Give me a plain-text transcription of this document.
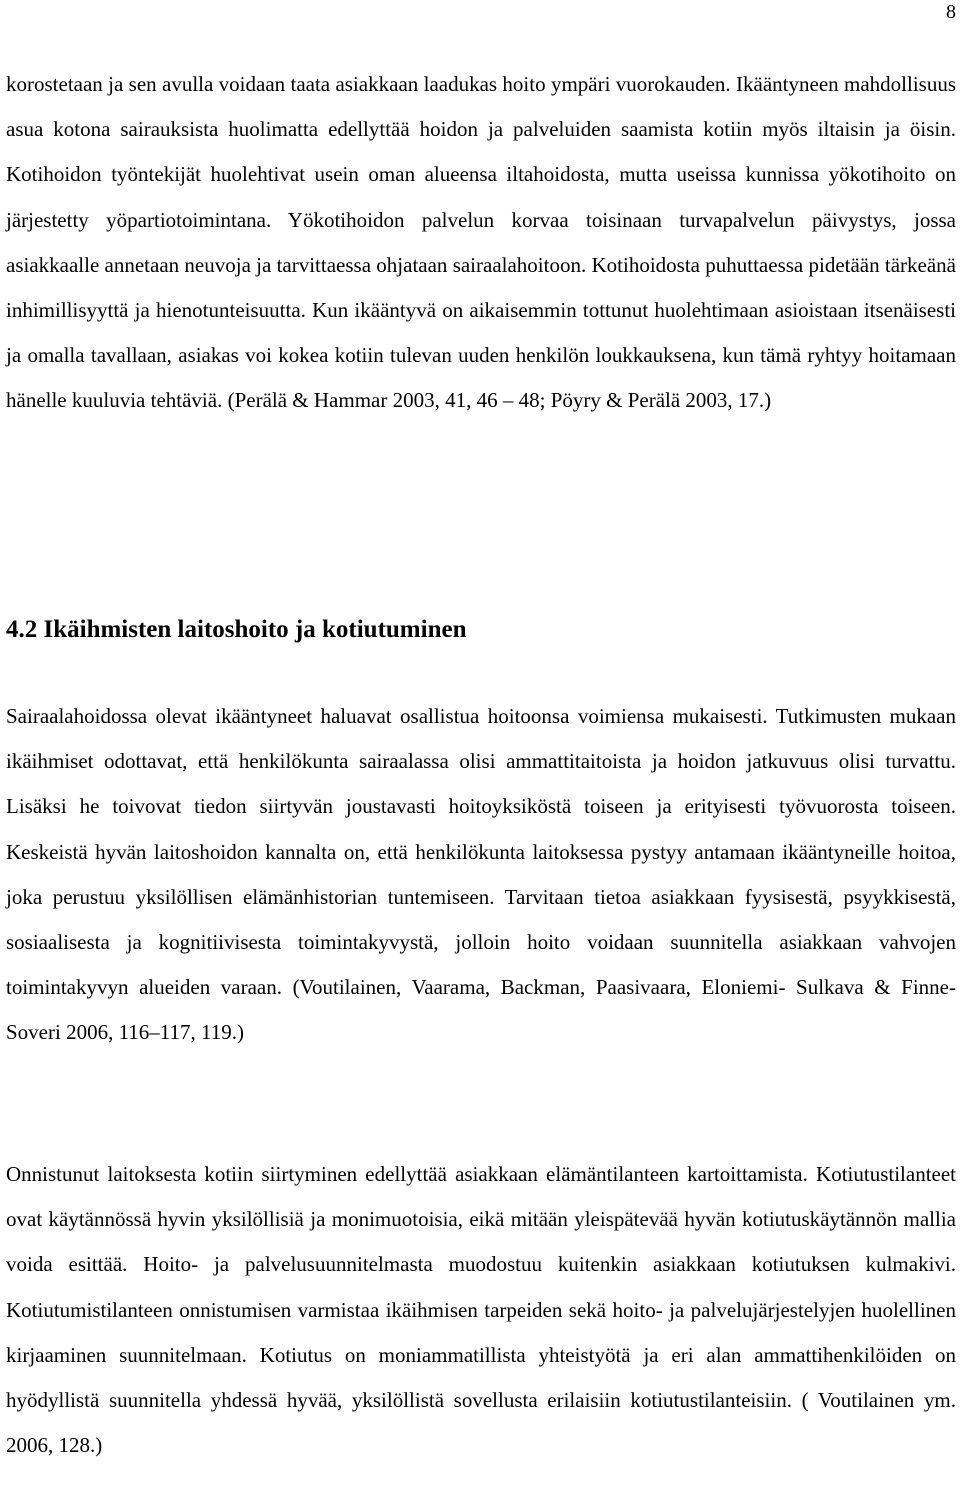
8

korostetaan ja sen avulla voidaan taata asiakkaan laadukas hoito ympäri vuorokauden. Ikääntyneen mahdollisuus asua kotona sairauksista huolimatta edellyttää hoidon ja palveluiden saamista kotiin myös iltaisin ja öisin. Kotihoidon työntekijät huolehtivat usein oman alueensa iltahoidosta, mutta useissa kunnissa yökotihoito on järjestetty yöpartiotoimintana. Yökotihoidon palvelun korvaa toisinaan turvapalvelun päivystys, jossa asiakkaalle annetaan neuvoja ja tarvittaessa ohjataan sairaalahoitoon. Kotihoidosta puhuttaessa pidetään tärkeänä inhimillisyyttä ja hienotunteisuutta. Kun ikääntyvä on aikaisemmin tottunut huolehtimaan asioistaan itsenäisesti ja omalla tavallaan, asiakas voi kokea kotiin tulevan uuden henkilön loukkauksena, kun tämä ryhtyy hoitamaan hänelle kuuluvia tehtäviä. (Perälä & Hammar 2003, 41, 46 – 48; Pöyry & Perälä 2003, 17.)

4.2 Ikäihmisten laitoshoito ja kotiutuminen

Sairaalahoidossa olevat ikääntyneet haluavat osallistua hoitoonsa voimiensa mukaisesti. Tutkimusten mukaan ikäihmiset odottavat, että henkilökunta sairaalassa olisi ammattitaitoista ja hoidon jatkuvuus olisi turvattu. Lisäksi he toivovat tiedon siirtyvän joustavasti hoitoyksiköstä toiseen ja erityisesti työvuorosta toiseen. Keskeistä hyvän laitoshoidon kannalta on, että henkilökunta laitoksessa pystyy antamaan ikääntyneille hoitoa, joka perustuu yksilöllisen elämänhistorian tuntemiseen. Tarvitaan tietoa asiakkaan fyysisestä, psyykkisestä, sosiaalisesta ja kognitiivisesta toimintakyvystä, jolloin hoito voidaan suunnitella asiakkaan vahvojen toimintakyvyn alueiden varaan. (Voutilainen, Vaarama, Backman, Paasivaara, Eloniemi- Sulkava & Finne- Soveri 2006, 116–117, 119.)

Onnistunut laitoksesta kotiin siirtyminen edellyttää asiakkaan elämäntilanteen kartoittamista. Kotiutustilanteet ovat käytännössä hyvin yksilöllisiä ja monimuotoisia, eikä mitään yleispätevää hyvän kotiutuskäytännön mallia voida esittää. Hoito- ja palvelusuunnitelmasta muodostuu kuitenkin asiakkaan kotiutuksen kulmakivi. Kotiutumistilanteen onnistumisen varmistaa ikäihmisen tarpeiden sekä hoito- ja palvelujärjestelyjen huolellinen kirjaaminen suunnitelmaan. Kotiutus on moniammatillista yhteistyötä ja eri alan ammattihenkilöiden on hyödyllistä suunnitella yhdessä hyvää, yksilöllistä sovellusta erilaisiin kotiutustilanteisiin. ( Voutilainen ym. 2006, 128.)
